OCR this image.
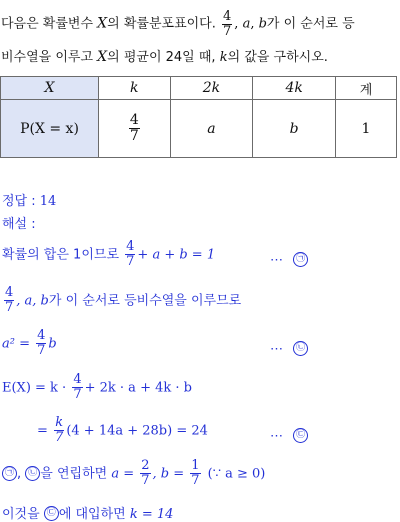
다음은 확률변수 X의 확률분포표이다. $\frac{4}{7}$ , a, b가 이 순서로 등
비수열을 이루고 X의 평균이 24일 때, k의 값을 구하시오.
X	k	2k	4k	계
P(X = x)	$\frac{4}{7}$	a	b	1
정답 : 14
해설 :
확률의 합은 1이므로 $\frac{4}{7} + a + b = 1$	⋯ ㉠
$\frac{4}{7}$ , a, b가 이 순서로 등비수열을 이루므로
$a^2 = \frac{4}{7}$ b	⋯ ㉡
$E(X) = k \cdot \frac{4}{7} + 2k \cdot a + 4k \cdot b$
= $\frac{k}{7} (4 + 14a + 28b) = 24$	⋯ ㉢
㉠ , ㉡ 을 연립하면 $a = \frac{2}{7}$ , $b = \frac{1}{7}$ (∵ a ≥ 0)
이것을 ㉢ 에 대입하면 k = 14
